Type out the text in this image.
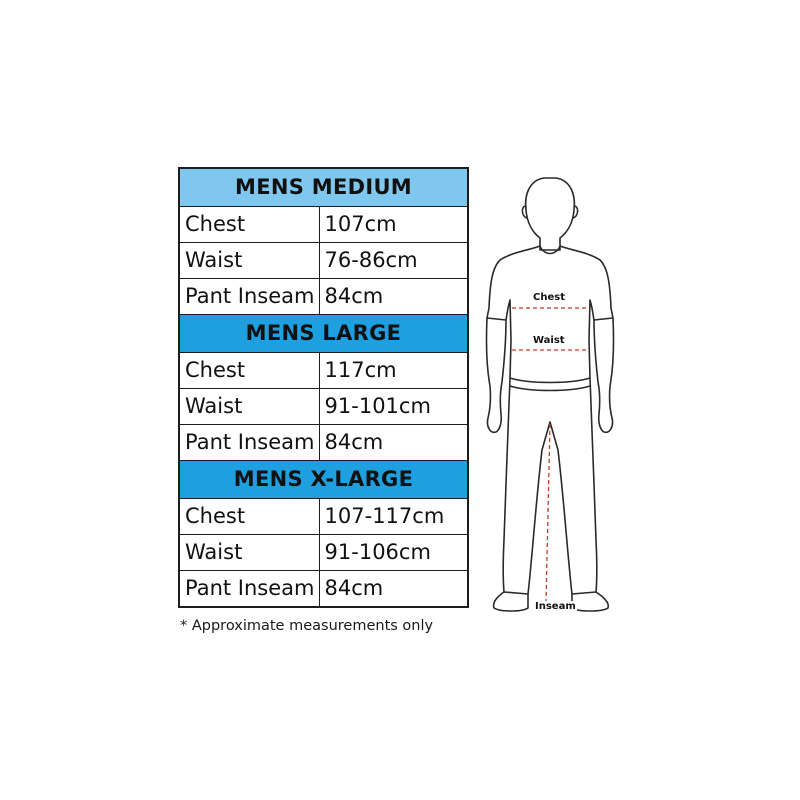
MENS MEDIUM	
Chest	107cm
Waist	76-86cm
Pant Inseam	84cm
MENS LARGE	
Chest	117cm
Waist	91-101cm
Pant Inseam	84cm
MENS X-LARGE	
Chest	107-117cm
Waist	91-106cm
Pant Inseam	84cm
* Approximate measurements only
Chest
Waist
Inseam
